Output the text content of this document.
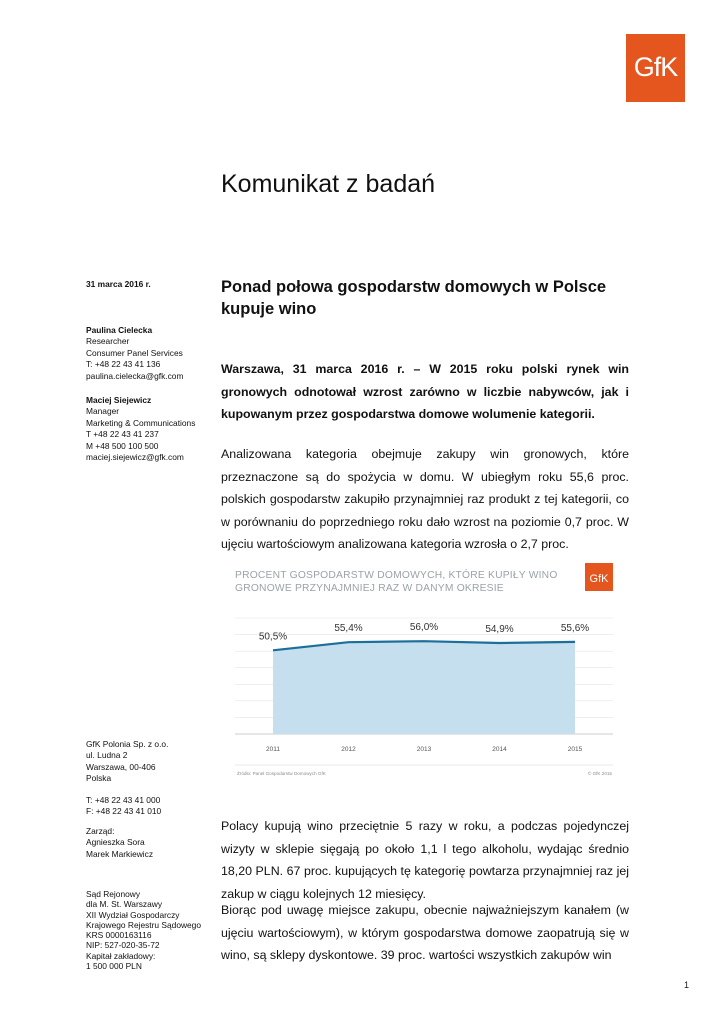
GfK
Komunikat z badań
31 marca 2016 r.
Paulina Cielecka
Researcher
Consumer Panel Services
T: +48 22 43 41 136
paulina.cielecka@gfk.com
Maciej Siejewicz
Manager
Marketing & Communications
T +48 22 43 41 237
M +48 500 100 500
maciej.siejewicz@gfk.com
GfK Polonia Sp. z o.o.
ul. Ludna 2
Warszawa, 00-406
Polska
T: +48 22 43 41 000
F: +48 22 43 41 010
Zarząd:
Agnieszka Sora
Marek Markiewicz
Sąd Rejonowy
dla M. St. Warszawy
XII Wydział Gospodarczy
Krajowego Rejestru Sądowego
KRS 0000163116
NIP: 527-020-35-72
Kapitał zakładowy:
1 500 000 PLN
Ponad połowa gospodarstw domowych w Polsce kupuje wino
Warszawa, 31 marca 2016 r. – W 2015 roku polski rynek win gronowych odnotował wzrost zarówno w liczbie nabywców, jak i kupowanym przez gospodarstwa domowe wolumenie kategorii.
Analizowana kategoria obejmuje zakupy win gronowych, które przeznaczone są do spożycia w domu. W ubiegłym roku 55,6 proc. polskich gospodarstw zakupiło przynajmniej raz produkt z tej kategorii, co w porównaniu do poprzedniego roku dało wzrost na poziomie 0,7 proc. W ujęciu wartościowym analizowana kategoria wzrosła o 2,7 proc.
PROCENT GOSPODARSTW DOMOWYCH, KTÓRE KUPIŁY WINO
GRONOWE PRZYNAJMNIEJ RAZ W DANYM OKRESIE
GfK
50,5%
55,4%	56,0%	54,9%	55,6%
2011	2012	2013	2014	2015
Źródło: Panel Gospodarstw Domowych GfK	© GfK 2015
Polacy kupują wino przeciętnie 5 razy w roku, a podczas pojedynczej wizyty w sklepie sięgają po około 1,1 l tego alkoholu, wydając średnio 18,20 PLN. 67 proc. kupujących tę kategorię powtarza przynajmniej raz jej zakup w ciągu kolejnych 12 miesięcy.
Biorąc pod uwagę miejsce zakupu, obecnie najważniejszym kanałem (w ujęciu wartościowym), w którym gospodarstwa domowe zaopatrują się w wino, są sklepy dyskontowe. 39 proc. wartości wszystkich zakupów win
1
